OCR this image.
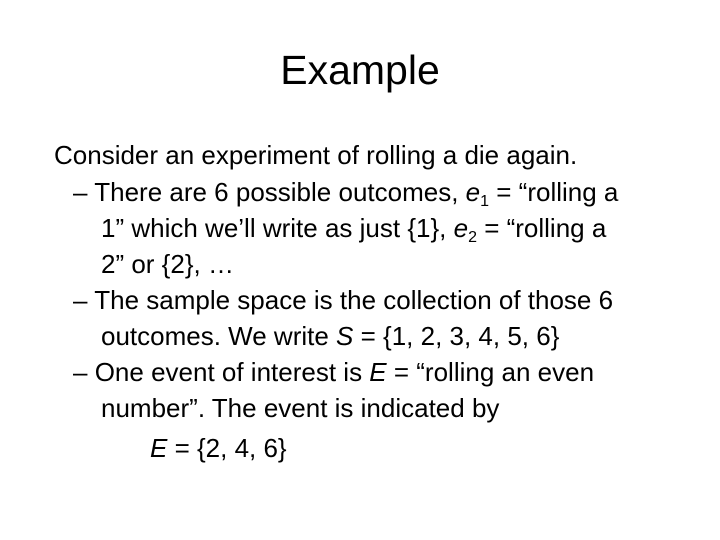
Example
Consider an experiment of rolling a die again.
– There are 6 possible outcomes, $e_1$ = “rolling a
1” which we’ll write as just {1}, $e_2$ = “rolling a
2” or {2}, …
– The sample space is the collection of those 6
outcomes. We write S = {1, 2, 3, 4, 5, 6}
– One event of interest is E = “rolling an even
number”. The event is indicated by
E = {2, 4, 6}
